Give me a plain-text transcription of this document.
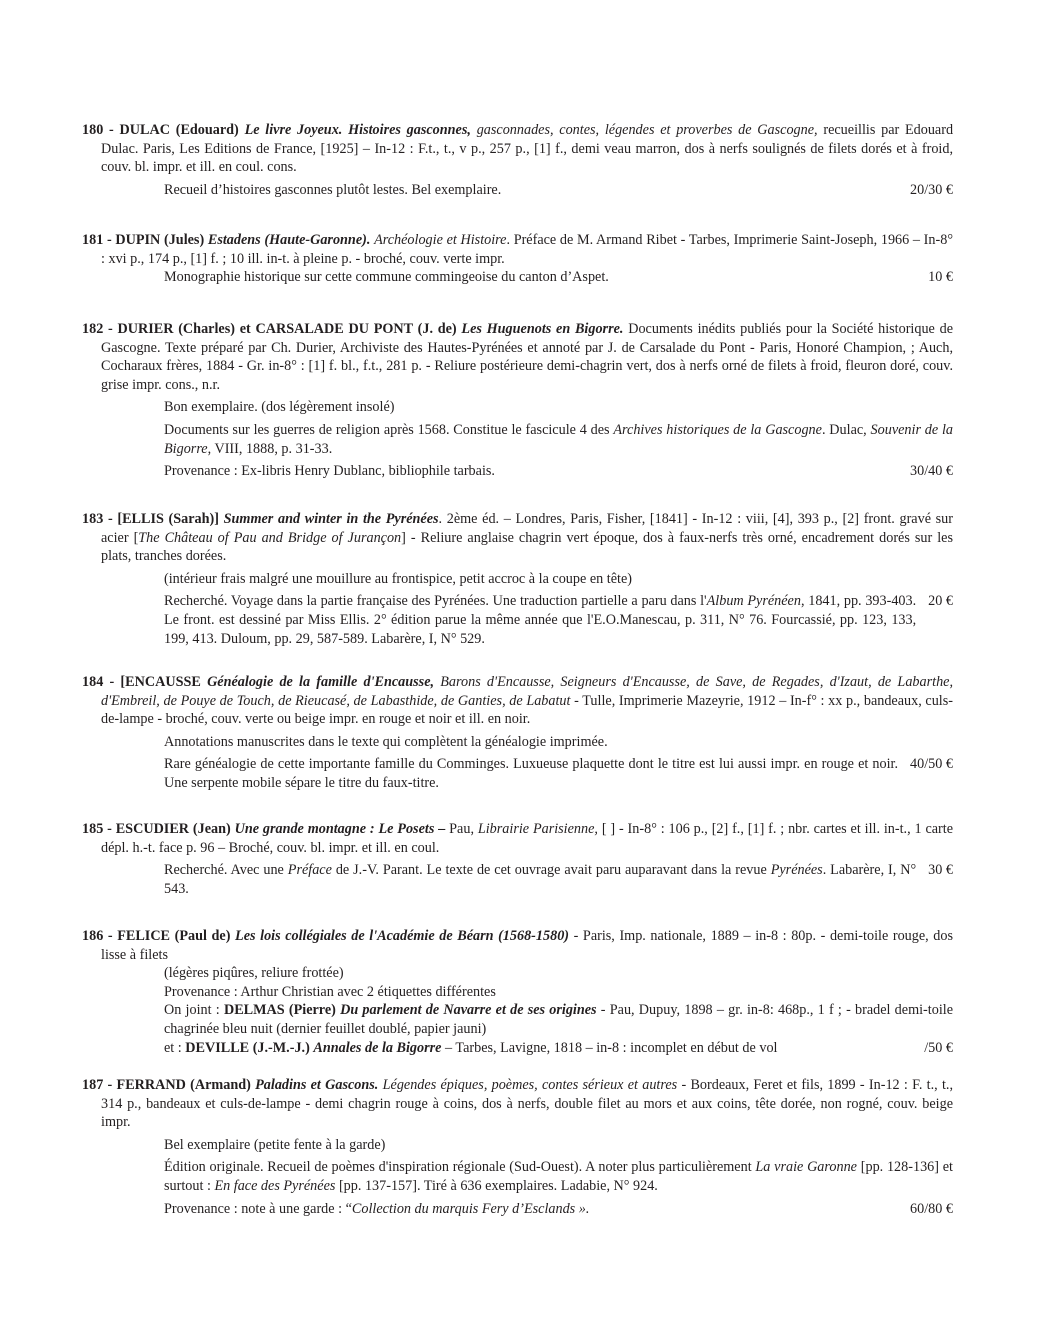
180 - DULAC (Edouard) Le livre Joyeux. Histoires gasconnes, gasconnades, contes, légendes et proverbes de Gascogne, recueillis par Edouard Dulac. Paris, Les Editions de France, [1925] – In-12 : F.t., t., v p., 257 p., [1] f., demi veau marron, dos à nerfs soulignés de filets dorés et à froid, couv. bl. impr. et ill. en coul. cons.

Recueil d’histoires gasconnes plutôt lestes. Bel exemplaire.	20/30 €

181 - DUPIN (Jules) Estadens (Haute-Garonne). Archéologie et Histoire. Préface de M. Armand Ribet - Tarbes, Imprimerie Saint-Joseph, 1966 – In-8° : xvi p., 174 p., [1] f. ; 10 ill. in-t. à pleine p. - broché, couv. verte impr.

Monographie historique sur cette commune commingeoise du canton d’Aspet.	10 €

182 - DURIER (Charles) et CARSALADE DU PONT (J. de) Les Huguenots en Bigorre. Documents inédits publiés pour la Société historique de Gascogne. Texte préparé par Ch. Durier, Archiviste des Hautes-Pyrénées et annoté par J. de Carsalade du Pont - Paris, Honoré Champion, ; Auch, Cocharaux frères, 1884 - Gr. in-8° : [1] f. bl., f.t., 281 p. - Reliure postérieure demi-chagrin vert, dos à nerfs orné de filets à froid, fleuron doré, couv. grise impr. cons., n.r.

Bon exemplaire. (dos légèrement insolé)

Documents sur les guerres de religion après 1568. Constitue le fascicule 4 des Archives historiques de la Gascogne. Dulac, Souvenir de la Bigorre, VIII, 1888, p. 31-33.

Provenance : Ex-libris Henry Dublanc, bibliophile tarbais.	30/40 €

183 - [ELLIS (Sarah)] Summer and winter in the Pyrénées. 2ème éd. – Londres, Paris, Fisher, [1841] - In-12 : viii, [4], 393 p., [2] front. gravé sur acier [The Château of Pau and Bridge of Jurançon] - Reliure anglaise chagrin vert époque, dos à faux-nerfs très orné, encadrement dorés sur les plats, tranches dorées.

(intérieur frais malgré une mouillure au frontispice, petit accroc à la coupe en tête)

Recherché. Voyage dans la partie française des Pyrénées. Une traduction partielle a paru dans l'Album Pyrénéen, 1841, pp. 393-403. Le front. est dessiné par Miss Ellis. 2° édition parue la même année que l'E.O.Manescau, p. 311, N° 76. Fourcassié, pp. 123, 133, 199, 413. Duloum, pp. 29, 587-589. Labarère, I, N° 529.
20 €

184 - [ENCAUSSE Généalogie de la famille d'Encausse, Barons d'Encausse, Seigneurs d'Encausse, de Save, de Regades, d'Izaut, de Labarthe, d'Embreil, de Pouye de Touch, de Rieucasé, de Labasthide, de Ganties, de Labatut - Tulle, Imprimerie Mazeyrie, 1912 – In-f° : xx p., bandeaux, culs-de-lampe - broché, couv. verte ou beige impr. en rouge et noir et ill. en noir.

Annotations manuscrites dans le texte qui complètent la généalogie imprimée.

Rare généalogie de cette importante famille du Comminges. Luxueuse plaquette dont le titre est lui aussi impr. en rouge et noir. Une serpente mobile sépare le titre du faux-titre.
40/50 €

185 - ESCUDIER (Jean) Une grande montagne : Le Posets – Pau, Librairie Parisienne, [ ] - In-8° : 106 p., [2] f., [1] f. ; nbr. cartes et ill. in-t., 1 carte dépl. h.-t. face p. 96 – Broché, couv. bl. impr. et ill. en coul.

Recherché. Avec une Préface de J.-V. Parant. Le texte de cet ouvrage avait paru auparavant dans la revue Pyrénées. Labarère, I, N° 543.
30 €

186 - FELICE (Paul de) Les lois collégiales de l'Académie de Béarn (1568-1580) - Paris, Imp. nationale, 1889 – in-8 : 80p. - demi-toile rouge, dos lisse à filets

(légères piqûres, reliure frottée)

Provenance : Arthur Christian avec 2 étiquettes différentes

On joint : DELMAS (Pierre) Du parlement de Navarre et de ses origines - Pau, Dupuy, 1898 – gr. in-8: 468p., 1 f ; - bradel demi-toile chagrinée bleu nuit (dernier feuillet doublé, papier jauni)

et : DEVILLE (J.-M.-J.) Annales de la Bigorre – Tarbes, Lavigne, 1818 – in-8 : incomplet en début de vol	/50 €

187 - FERRAND (Armand) Paladins et Gascons. Légendes épiques, poèmes, contes sérieux et autres - Bordeaux, Feret et fils, 1899 - In-12 : F. t., t., 314 p., bandeaux et culs-de-lampe - demi chagrin rouge à coins, dos à nerfs, double filet au mors et aux coins, tête dorée, non rogné, couv. beige impr.

Bel exemplaire (petite fente à la garde)

Édition originale. Recueil de poèmes d'inspiration régionale (Sud-Ouest). A noter plus particulièrement La vraie Garonne [pp. 128-136] et surtout : En face des Pyrénées [pp. 137-157]. Tiré à 636 exemplaires. Ladabie, N° 924.

Provenance : note à une garde : “Collection du marquis Fery d’Esclands ».	60/80 €
